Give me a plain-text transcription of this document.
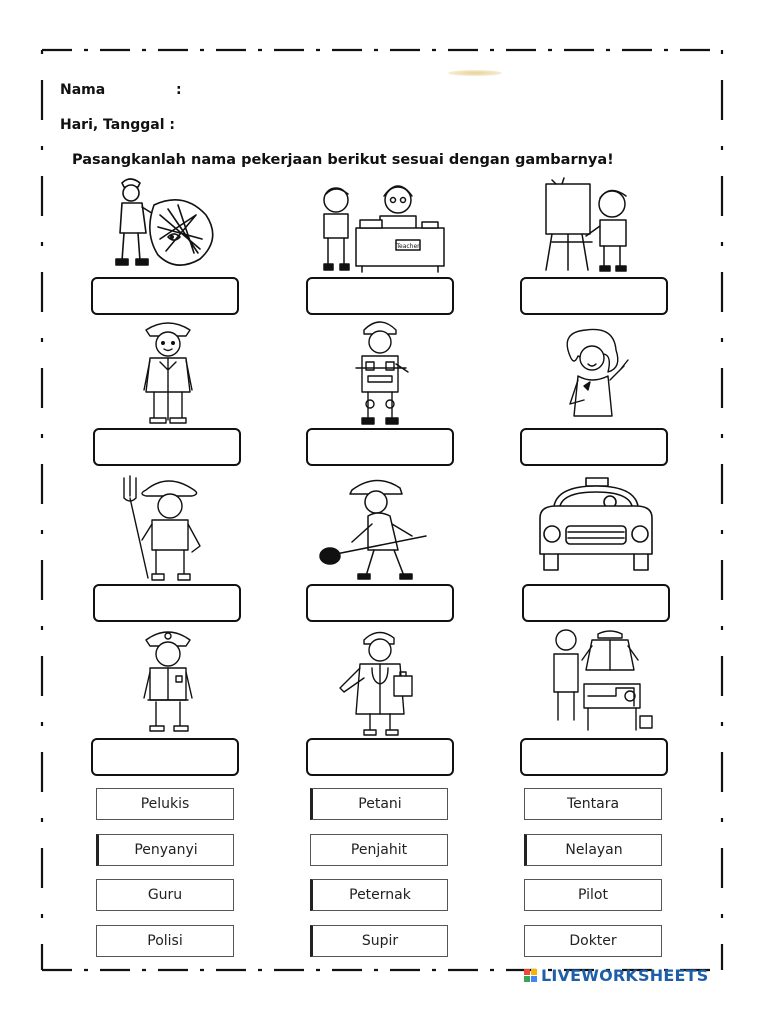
Nama	:
Hari, Tanggal :
Pasangkanlah nama pekerjaan berikut sesuai dengan gambarnya!
Teacher
Pelukis	Petani	Tentara
Penyanyi	Penjahit	Nelayan
Guru	Peternak	Pilot
Polisi	Supir	Dokter
LIVEWORKSHEETS
